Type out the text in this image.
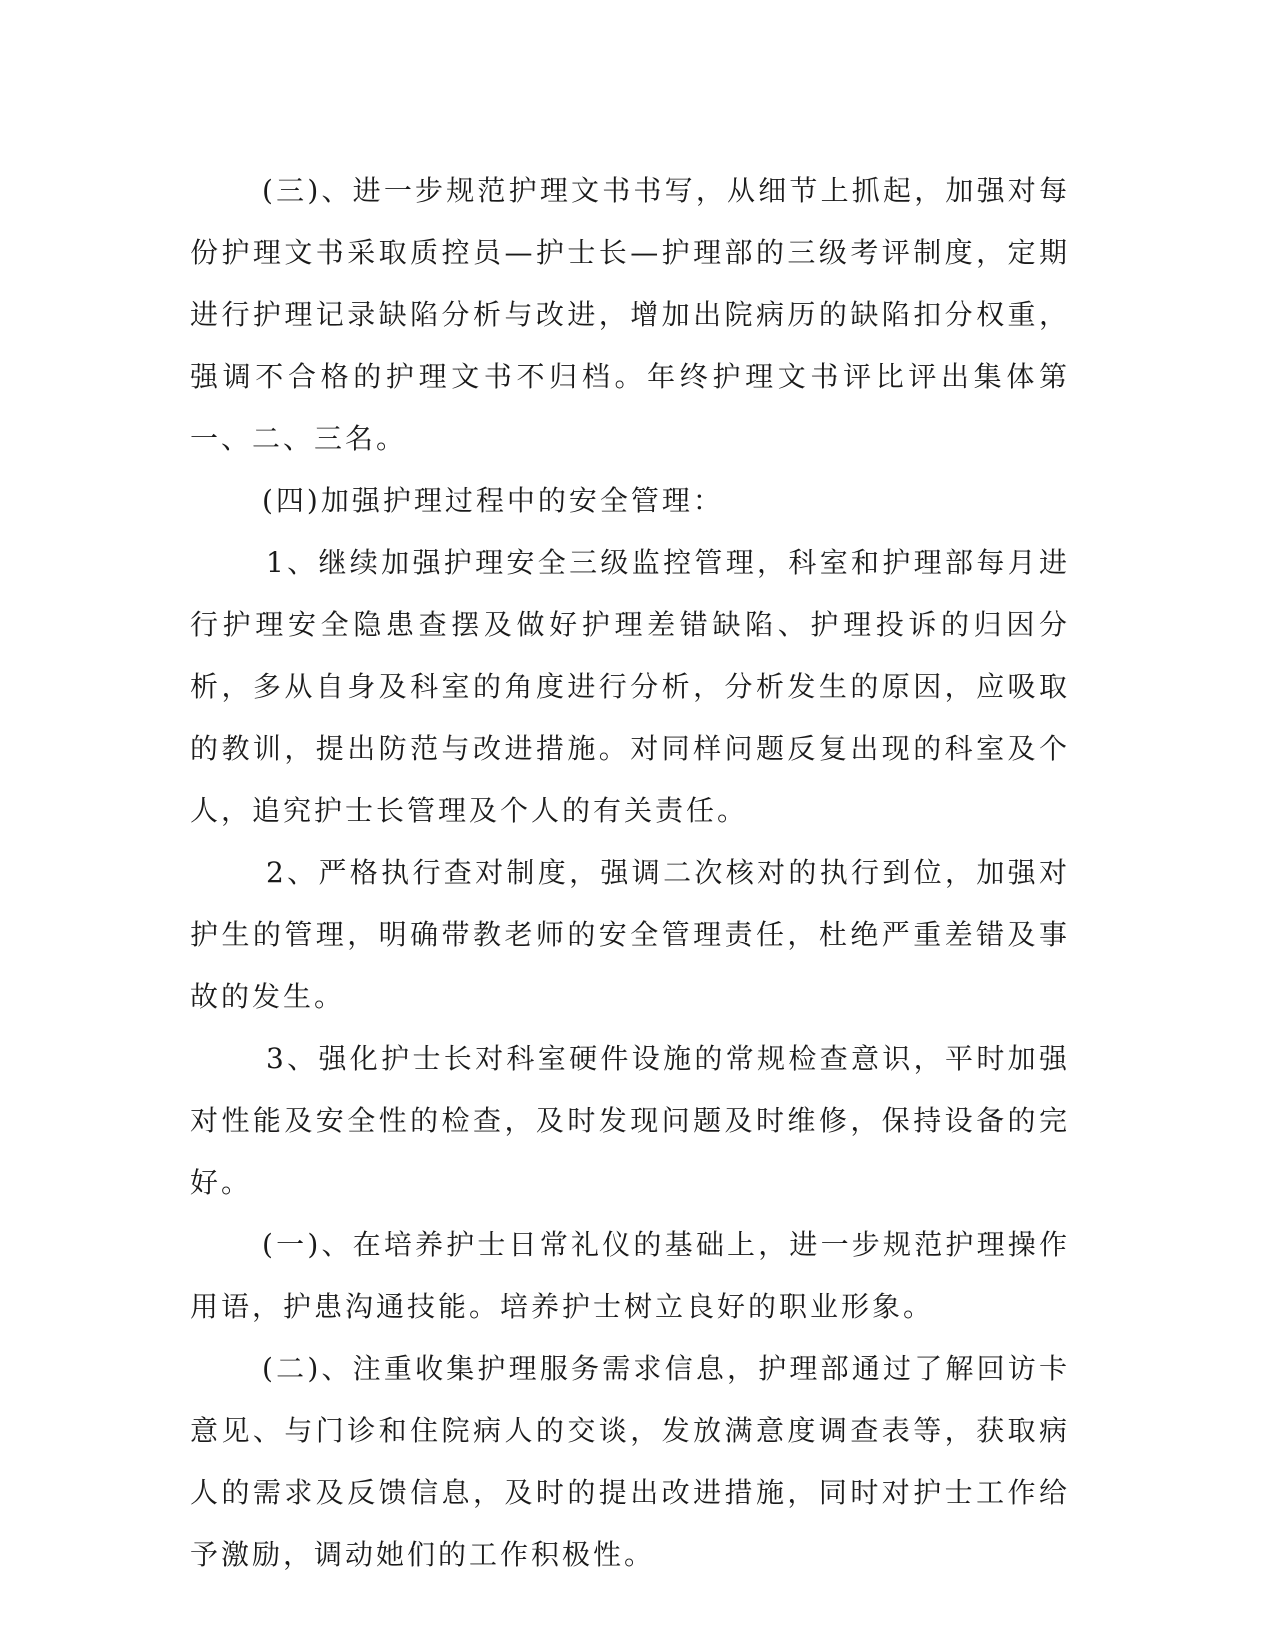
(三)、进一步规范护理文书书写，从细节上抓起，加强对每份护理文书采取质控员—护士长—护理部的三级考评制度，定期进行护理记录缺陷分析与改进，增加出院病历的缺陷扣分权重，强调不合格的护理文书不归档。年终护理文书评比评出集体第一、二、三名。

(四)加强护理过程中的安全管理：

1、继续加强护理安全三级监控管理，科室和护理部每月进行护理安全隐患查摆及做好护理差错缺陷、护理投诉的归因分析，多从自身及科室的角度进行分析，分析发生的原因，应吸取的教训，提出防范与改进措施。对同样问题反复出现的科室及个人，追究护士长管理及个人的有关责任。

2、严格执行查对制度，强调二次核对的执行到位，加强对护生的管理，明确带教老师的安全管理责任，杜绝严重差错及事故的发生。

3、强化护士长对科室硬件设施的常规检查意识，平时加强对性能及安全性的检查，及时发现问题及时维修，保持设备的完好。

(一)、在培养护士日常礼仪的基础上，进一步规范护理操作用语，护患沟通技能。培养护士树立良好的职业形象。

(二)、注重收集护理服务需求信息，护理部通过了解回访卡意见、与门诊和住院病人的交谈，发放满意度调查表等，获取病人的需求及反馈信息，及时的提出改进措施，同时对护士工作给予激励，调动她们的工作积极性。
